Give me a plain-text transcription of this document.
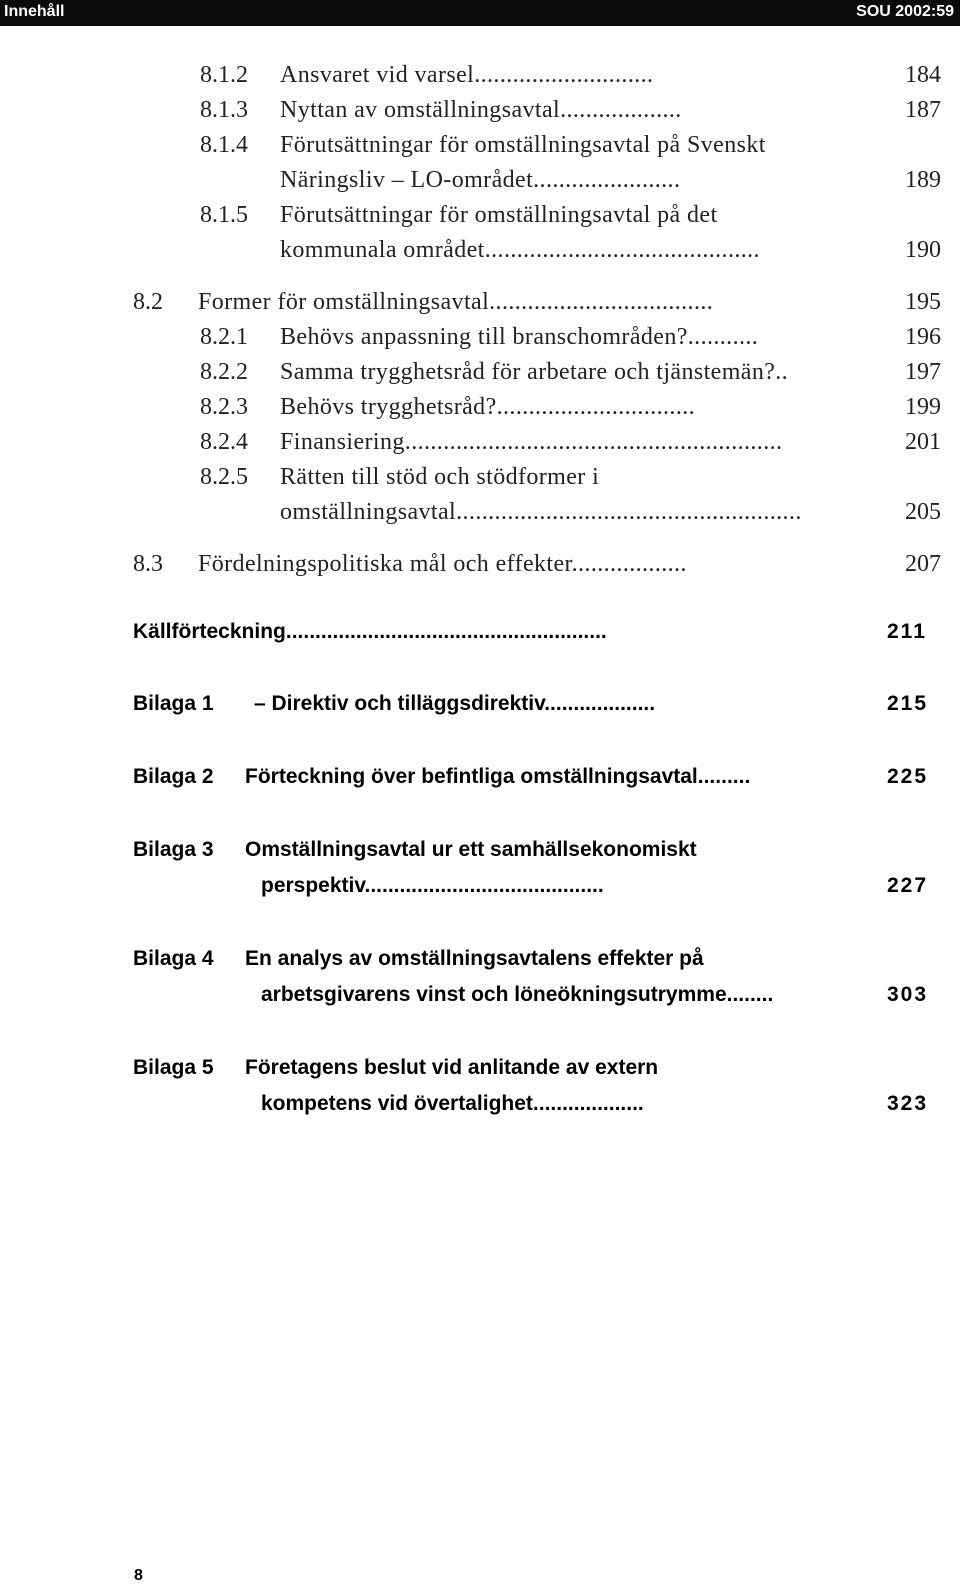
Innehåll	SOU 2002:59
8.1.2	Ansvaret vid varsel............................	184
8.1.3	Nyttan av omställningsavtal...................	187
8.1.4	Förutsättningar för omställningsavtal på Svenskt
Näringsliv – LO-området.......................	189
8.1.5	Förutsättningar för omställningsavtal på det
kommunala området...........................................	190
8.2	Former för omställningsavtal...................................	195
8.2.1	Behövs anpassning till branschområden?...........	196
8.2.2	Samma trygghetsråd för arbetare och tjänstemän?..	197
8.2.3	Behövs trygghetsråd?...............................	199
8.2.4	Finansiering...........................................................	201
8.2.5	Rätten till stöd och stödformer i
omställningsavtal......................................................	205
8.3	Fördelningspolitiska mål och effekter..................	207
Källförteckning.......................................................	211
Bilaga 1	– Direktiv och tilläggsdirektiv...................	215
Bilaga 2	Förteckning över befintliga omställningsavtal.........	225
Bilaga 3	Omställningsavtal ur ett samhällsekonomiskt
perspektiv.........................................	227
Bilaga 4	En analys av omställningsavtalens effekter på
arbetsgivarens vinst och löneökningsutrymme........	303
Bilaga 5	Företagens beslut vid anlitande av extern
kompetens vid övertalighet...................	323
8
